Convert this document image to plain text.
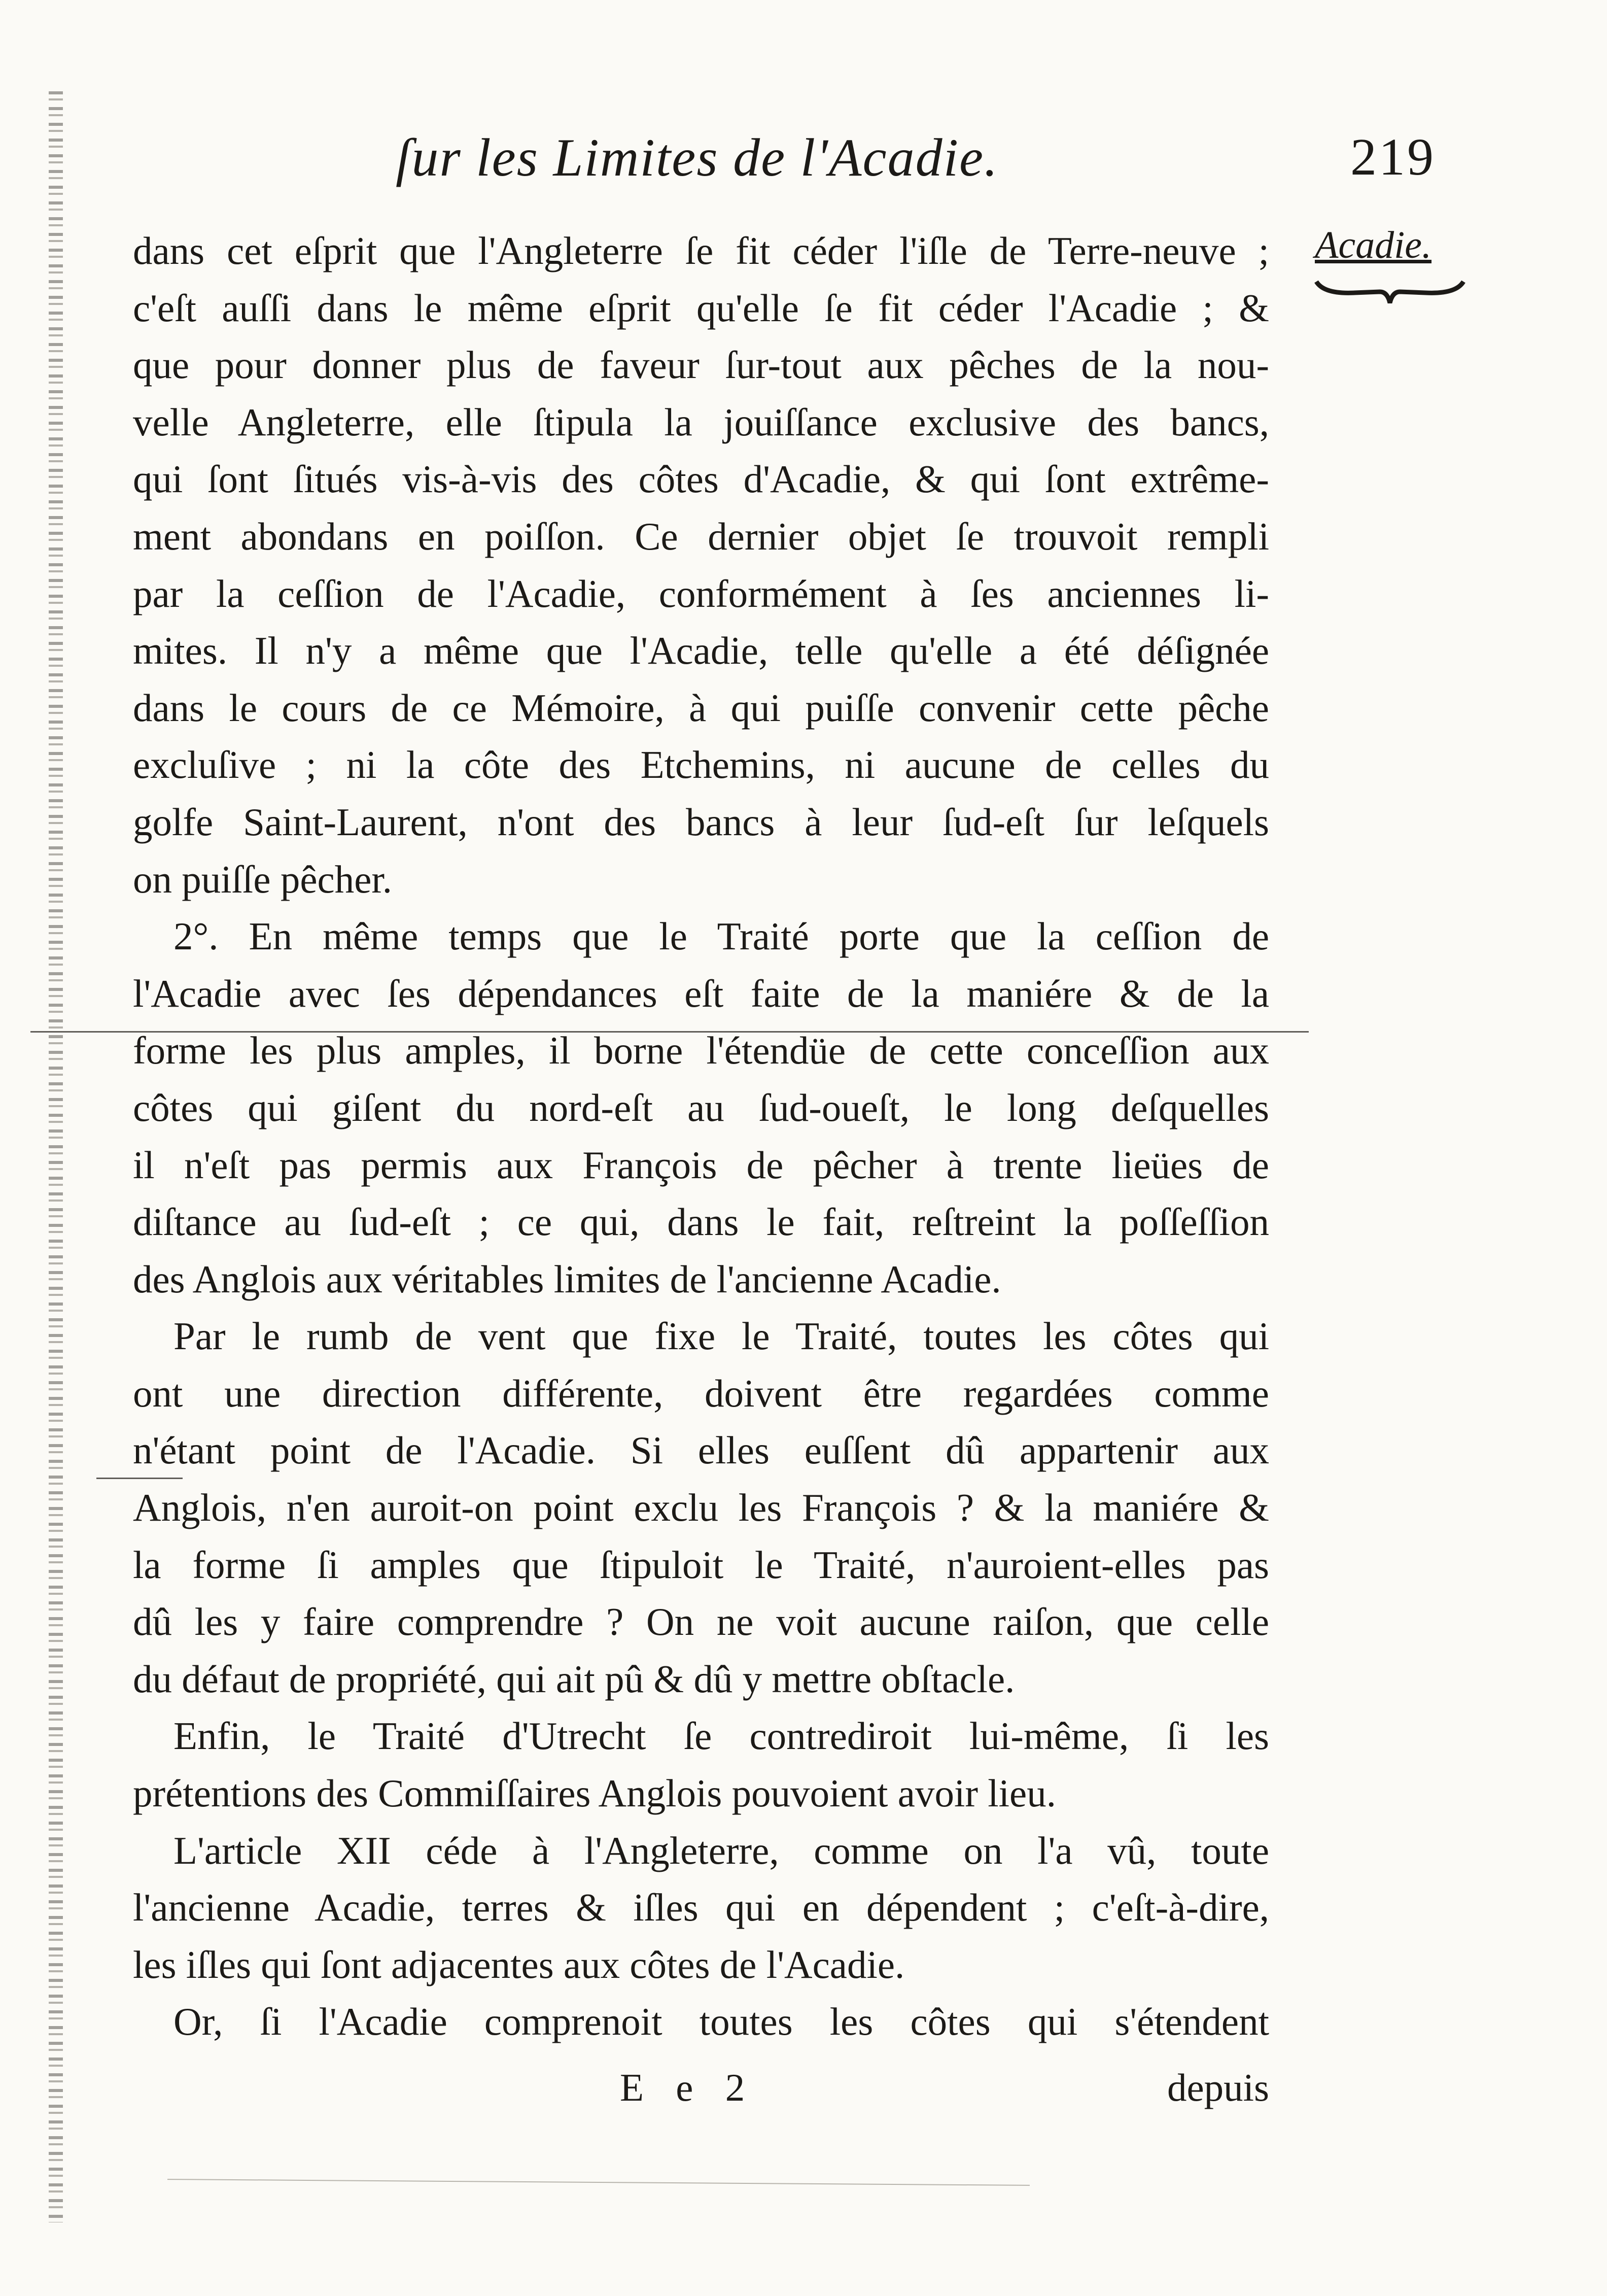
ſur les Limites de l'Acadie.	219
Acadie.
dans cet eſprit que l'Angleterre ſe fit céder l'iſle de Terre-neuve ;
c'eſt auſſi dans le même eſprit qu'elle ſe fit céder l'Acadie ; &
que pour donner plus de faveur ſur-tout aux pêches de la nou-
velle Angleterre, elle ſtipula la jouiſſance exclusive des bancs,
qui ſont ſitués vis-à-vis des côtes d'Acadie, & qui ſont extrême-
ment abondans en poiſſon. Ce dernier objet ſe trouvoit rempli
par la ceſſion de l'Acadie, conformément à ſes anciennes li-
mites. Il n'y a même que l'Acadie, telle qu'elle a été déſignée
dans le cours de ce Mémoire, à qui puiſſe convenir cette pêche
excluſive ; ni la côte des Etchemins, ni aucune de celles du
golfe Saint-Laurent, n'ont des bancs à leur ſud-eſt ſur leſquels
on puiſſe pêcher.
2°. En même temps que le Traité porte que la ceſſion de
l'Acadie avec ſes dépendances eſt faite de la maniére & de la
forme les plus amples, il borne l'étendüe de cette conceſſion aux
côtes qui giſent du nord-eſt au ſud-oueſt, le long deſquelles
il n'eſt pas permis aux François de pêcher à trente lieües de
diſtance au ſud-eſt ; ce qui, dans le fait, reſtreint la poſſeſſion
des Anglois aux véritables limites de l'ancienne Acadie.
Par le rumb de vent que fixe le Traité, toutes les côtes qui
ont une direction différente, doivent être regardées comme
n'étant point de l'Acadie. Si elles euſſent dû appartenir aux
Anglois, n'en auroit-on point exclu les François ? & la maniére &
la forme ſi amples que ſtipuloit le Traité, n'auroient-elles pas
dû les y faire comprendre ? On ne voit aucune raiſon, que celle
du défaut de propriété, qui ait pû & dû y mettre obſtacle.
Enfin, le Traité d'Utrecht ſe contrediroit lui-même, ſi les
prétentions des Commiſſaires Anglois pouvoient avoir lieu.
L'article XII céde à l'Angleterre, comme on l'a vû, toute
l'ancienne Acadie, terres & iſles qui en dépendent ; c'eſt-à-dire,
les iſles qui ſont adjacentes aux côtes de l'Acadie.
Or, ſi l'Acadie comprenoit toutes les côtes qui s'étendent
E e 2	depuis
